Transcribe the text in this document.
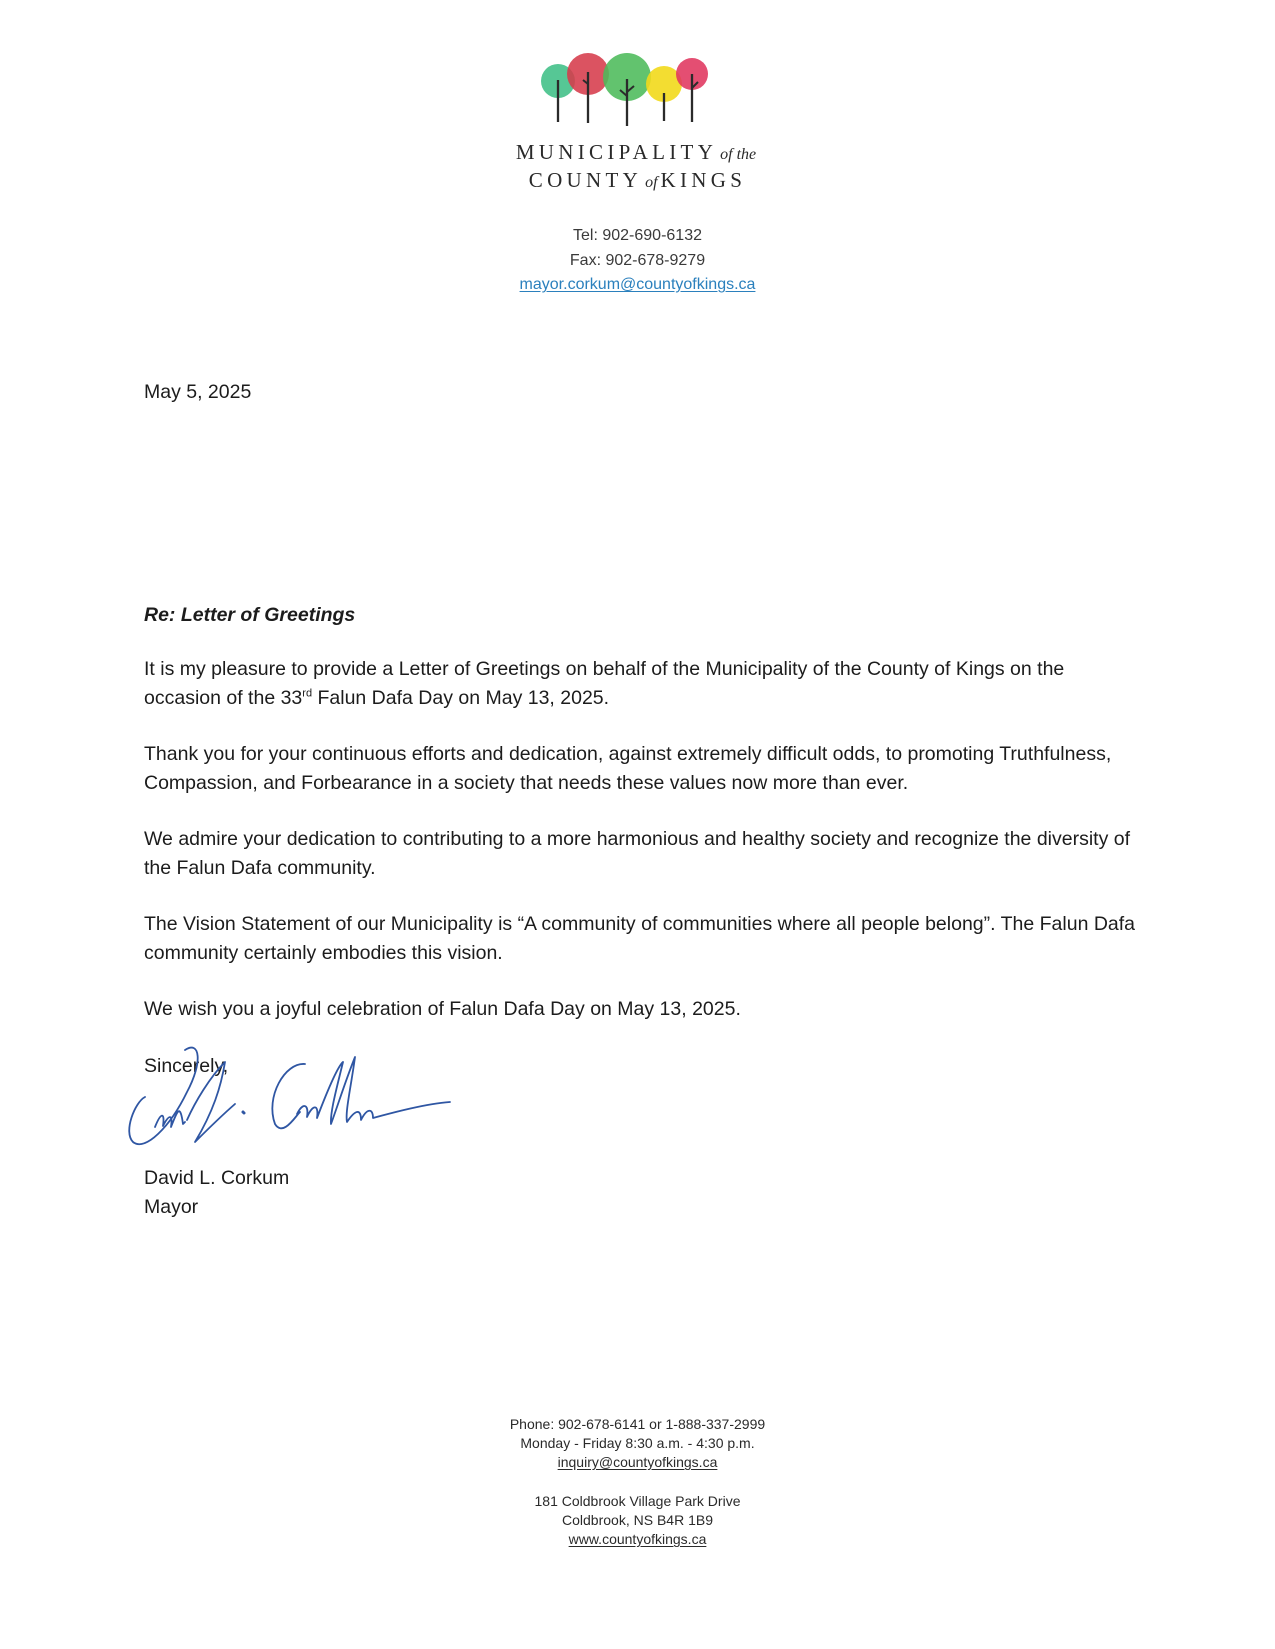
MUNICIPALITY of the
COUNTY of KINGS
Tel: 902-690-6132
Fax: 902-678-9279
mayor.corkum@countyofkings.ca
May 5, 2025
Re: Letter of Greetings
It is my pleasure to provide a Letter of Greetings on behalf of the Municipality of the County of Kings on the occasion of the 33rd Falun Dafa Day on May 13, 2025.
Thank you for your continuous efforts and dedication, against extremely difficult odds, to promoting Truthfulness, Compassion, and Forbearance in a society that needs these values now more than ever.
We admire your dedication to contributing to a more harmonious and healthy society and recognize the diversity of the Falun Dafa community.
The Vision Statement of our Municipality is “A community of communities where all people belong”. The Falun Dafa community certainly embodies this vision.
We wish you a joyful celebration of Falun Dafa Day on May 13, 2025.
Sincerely,
David L. Corkum
Mayor
Phone: 902-678-6141 or 1-888-337-2999
Monday - Friday 8:30 a.m. - 4:30 p.m.
inquiry@countyofkings.ca
181 Coldbrook Village Park Drive
Coldbrook, NS B4R 1B9
www.countyofkings.ca
